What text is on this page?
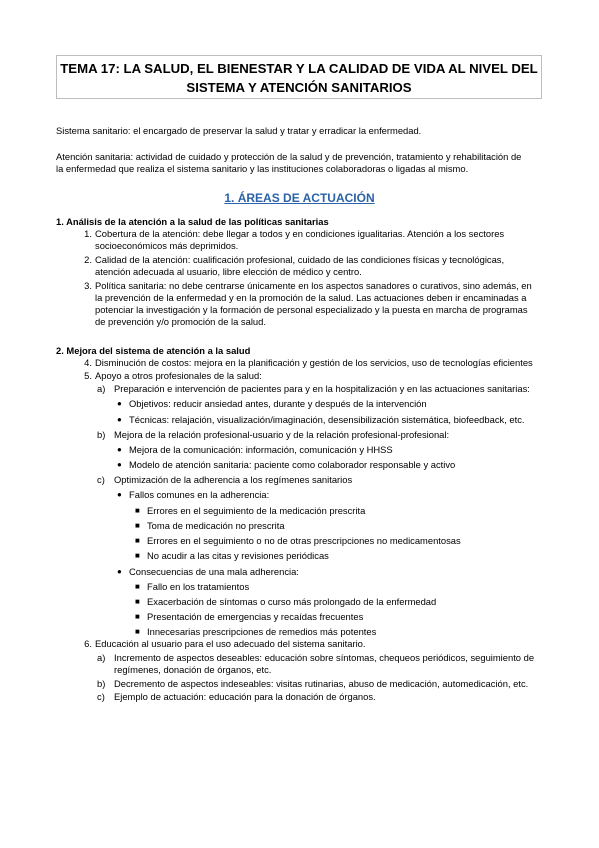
TEMA 17: LA SALUD, EL BIENESTAR Y LA CALIDAD DE VIDA AL NIVEL DEL
SISTEMA Y ATENCIÓN SANITARIOS
Sistema sanitario: el encargado de preservar la salud y tratar y erradicar la enfermedad.
Atención sanitaria: actividad de cuidado y protección de la salud y de prevención, tratamiento y rehabilitación de
la enfermedad que realiza el sistema sanitario y las instituciones colaboradoras o ligadas al mismo.
1. ÁREAS DE ACTUACIÓN
1. Análisis de la atención a la salud de las políticas sanitarias
1. Cobertura de la atención: debe llegar a todos y en condiciones igualitarias. Atención a los sectores
socioeconómicos más deprimidos.
2. Calidad de la atención: cualificación profesional, cuidado de las condiciones físicas y tecnológicas,
atención adecuada al usuario, libre elección de médico y centro.
3. Política sanitaria: no debe centrarse únicamente en los aspectos sanadores o curativos, sino además, en
la prevención de la enfermedad y en la promoción de la salud. Las actuaciones deben ir encaminadas a
potenciar la investigación y la formación de personal especializado y la puesta en marcha de programas
de prevención y/o promoción de la salud.
2. Mejora del sistema de atención a la salud
4. Disminución de costos: mejora en la planificación y gestión de los servicios, uso de tecnologías eficientes
5. Apoyo a otros profesionales de la salud:
a) Preparación e intervención de pacientes para y en la hospitalización y en las actuaciones sanitarias:
● Objetivos: reducir ansiedad antes, durante y después de la intervención
● Técnicas: relajación, visualización/imaginación, desensibilización sistemática, biofeedback, etc.
b) Mejora de la relación profesional-usuario y de la relación profesional-profesional:
● Mejora de la comunicación: información, comunicación y HHSS
● Modelo de atención sanitaria: paciente como colaborador responsable y activo
c) Optimización de la adherencia a los regímenes sanitarios
● Fallos comunes en la adherencia:
■ Errores en el seguimiento de la medicación prescrita
■ Toma de medicación no prescrita
■ Errores en el seguimiento o no de otras prescripciones no medicamentosas
■ No acudir a las citas y revisiones periódicas
● Consecuencias de una mala adherencia:
■ Fallo en los tratamientos
■ Exacerbación de síntomas o curso más prolongado de la enfermedad
■ Presentación de emergencias y recaídas frecuentes
■ Innecesarias prescripciones de remedios más potentes
6. Educación al usuario para el uso adecuado del sistema sanitario.
a) Incremento de aspectos deseables: educación sobre síntomas, chequeos periódicos, seguimiento de
regímenes, donación de órganos, etc.
b) Decremento de aspectos indeseables: visitas rutinarias, abuso de medicación, automedicación, etc.
c) Ejemplo de actuación: educación para la donación de órganos.
